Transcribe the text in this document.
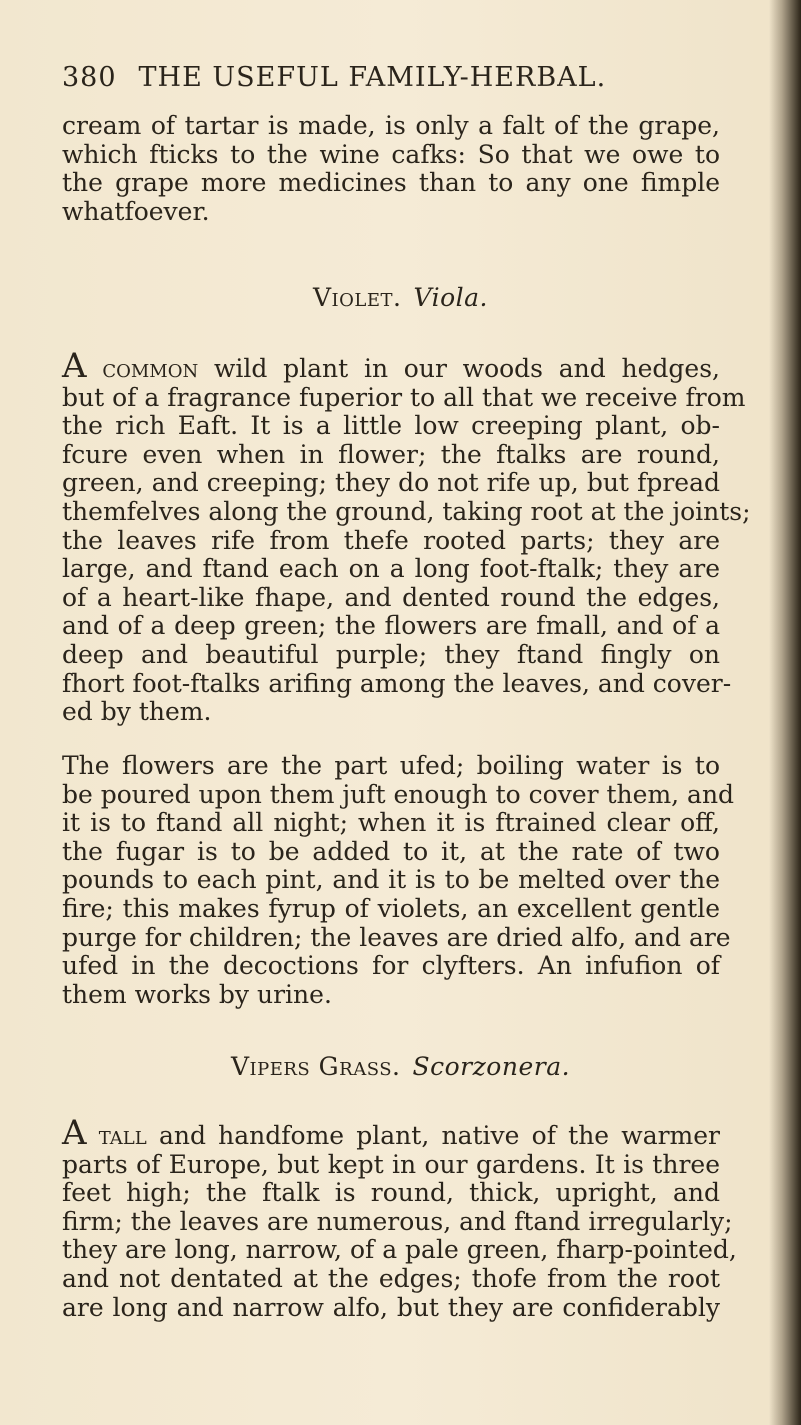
380 THE USEFUL FAMILY-HERBAL.
cream of tartar is made, is only a falt of the grape,
which fticks to the wine cafks: So that we owe to
the grape more medicines than to any one fimple
whatfoever.
Violet. Viola.
A common wild plant in our woods and hedges,
but of a fragrance fuperior to all that we receive from
the rich Eaft. It is a little low creeping plant, ob-
fcure even when in flower; the ftalks are round,
green, and creeping; they do not rife up, but fpread
themfelves along the ground, taking root at the joints;
the leaves rife from thefe rooted parts; they are
large, and ftand each on a long foot-ftalk; they are
of a heart-like fhape, and dented round the edges,
and of a deep green; the flowers are fmall, and of a
deep and beautiful purple; they ftand fingly on
fhort foot-ftalks arifing among the leaves, and cover-
ed by them.
The flowers are the part ufed; boiling water is to
be poured upon them juft enough to cover them, and
it is to ftand all night; when it is ftrained clear off,
the fugar is to be added to it, at the rate of two
pounds to each pint, and it is to be melted over the
fire; this makes fyrup of violets, an excellent gentle
purge for children; the leaves are dried alfo, and are
ufed in the decoctions for clyfters. An infufion of
them works by urine.
Vipers Grass. Scorzonera.
A tall and handfome plant, native of the warmer
parts of Europe, but kept in our gardens. It is three
feet high; the ftalk is round, thick, upright, and
firm; the leaves are numerous, and ftand irregularly;
they are long, narrow, of a pale green, fharp-pointed,
and not dentated at the edges; thofe from the root
are long and narrow alfo, but they are confiderably
